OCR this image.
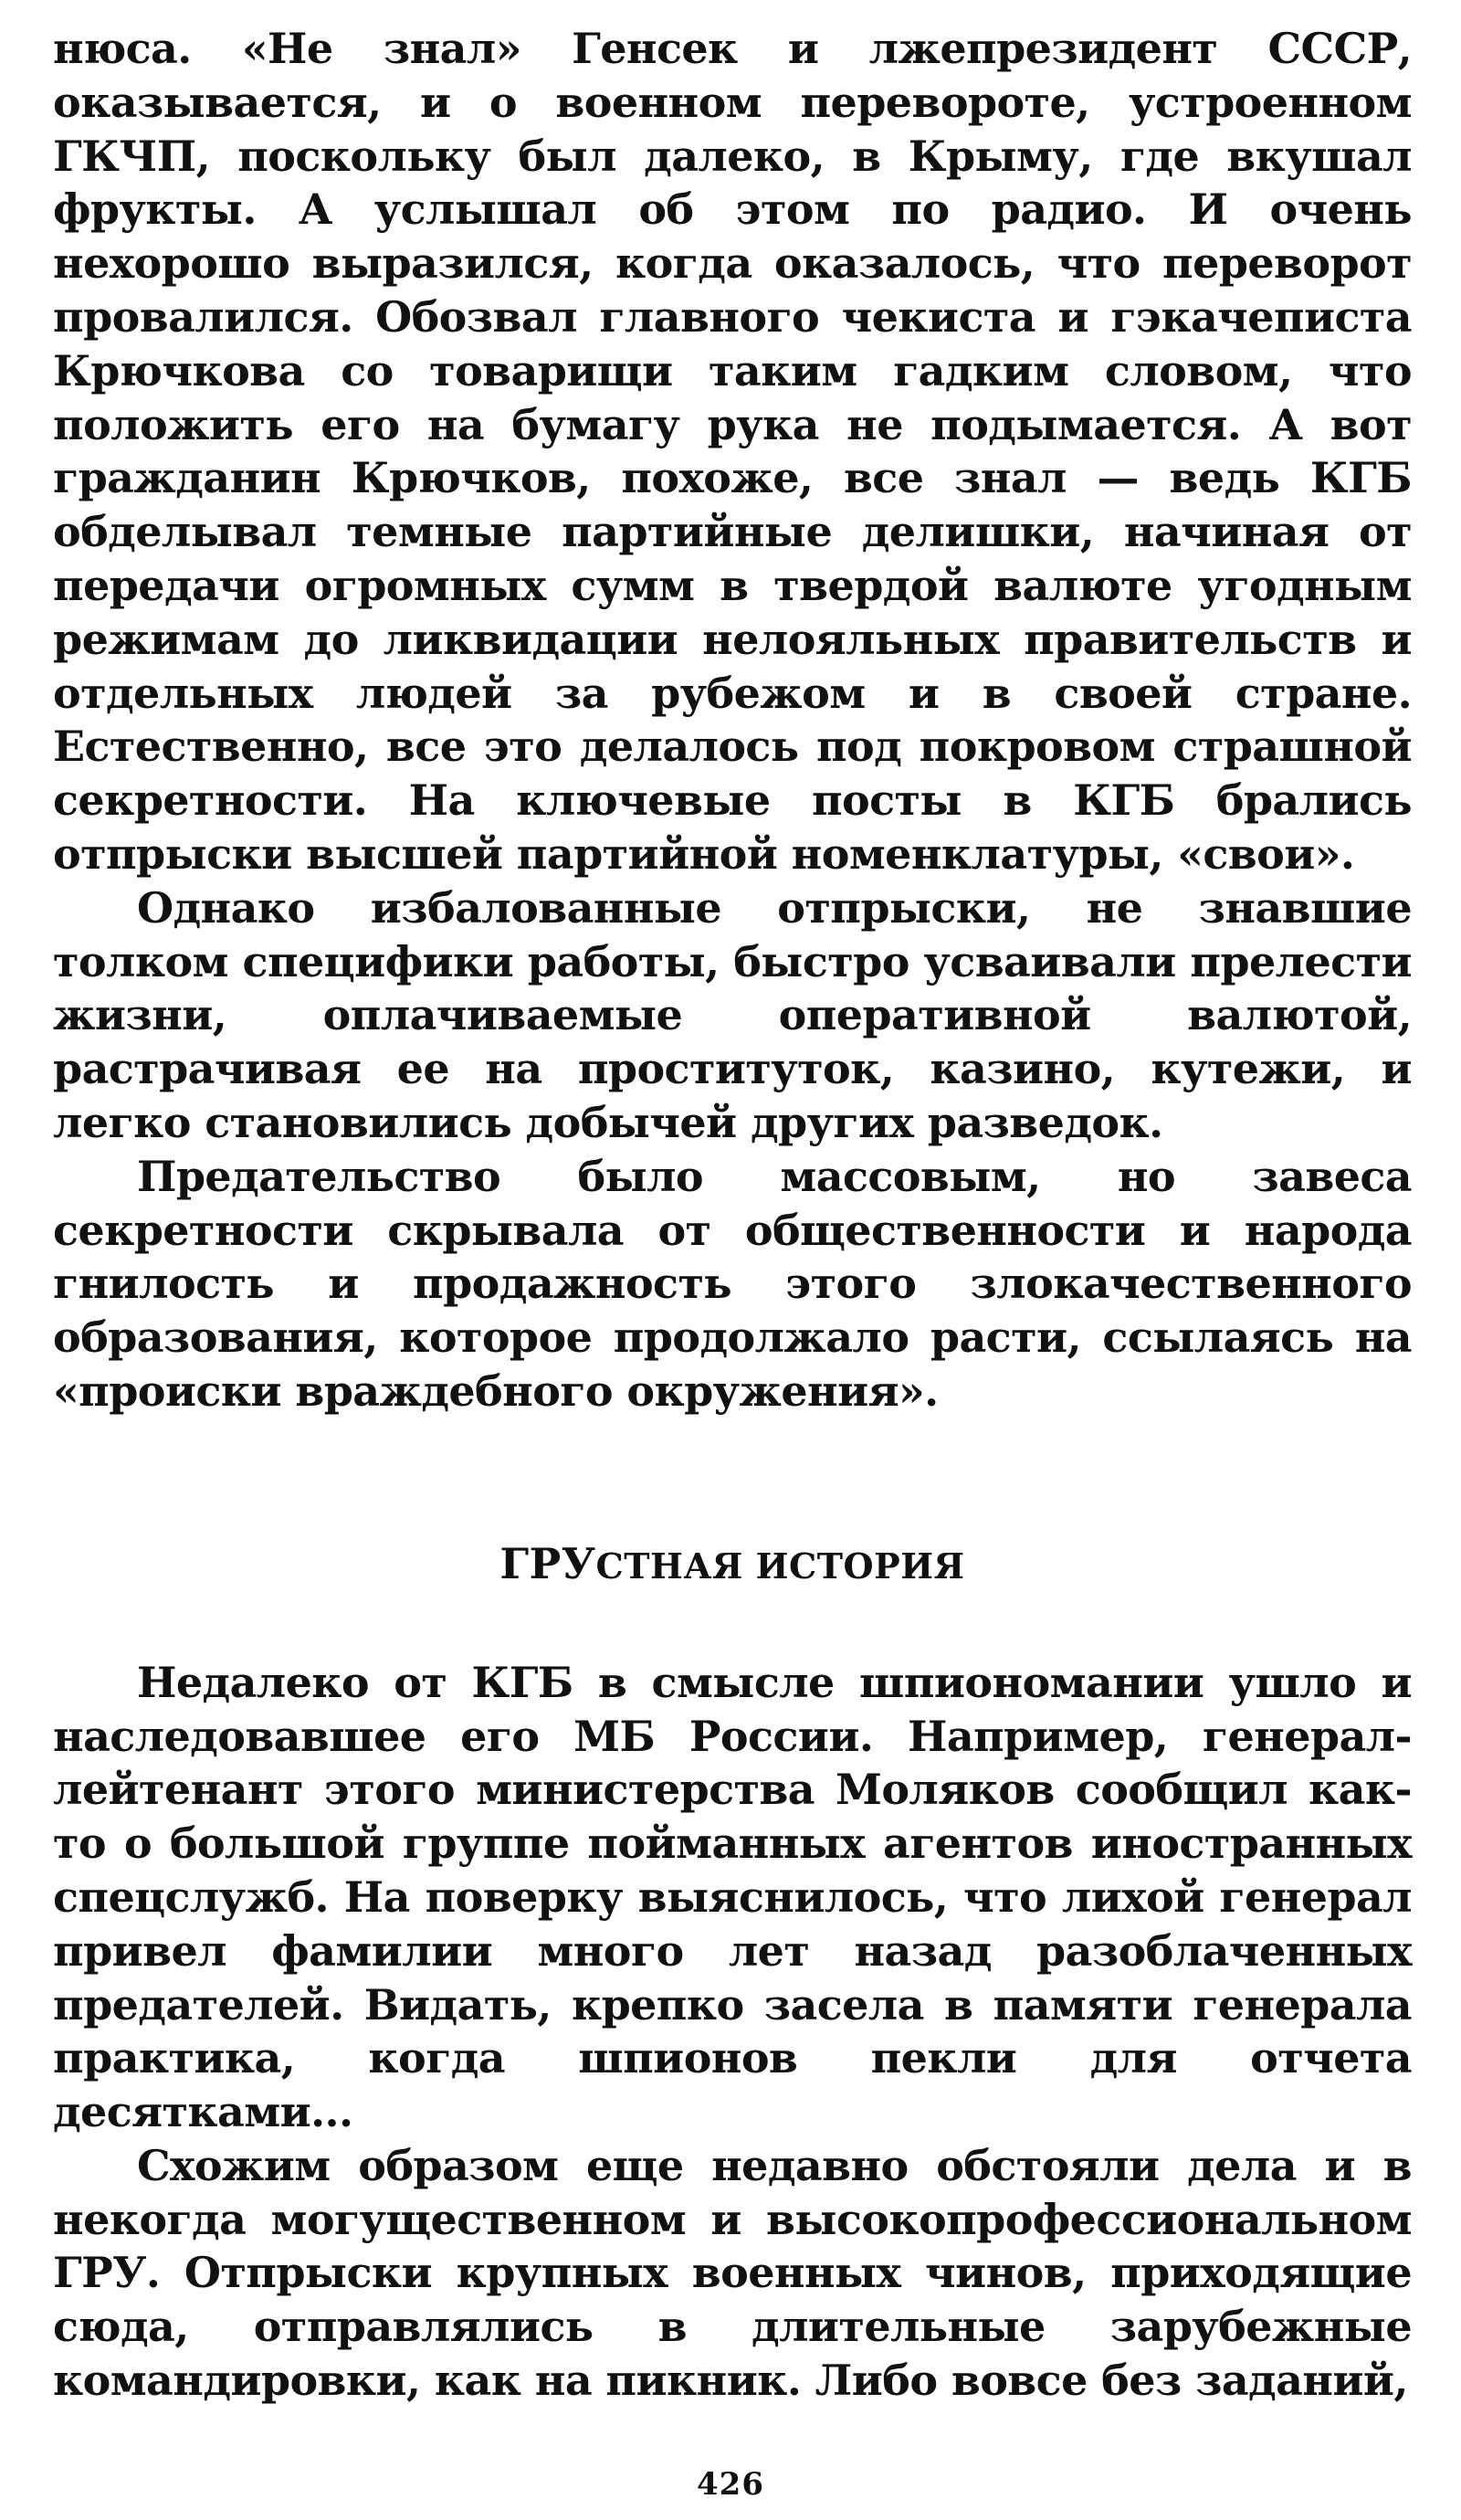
нюса. «Не знал» Генсек и лжепрезидент СССР, оказывается, и о военном перевороте, устроенном ГКЧП, поскольку был далеко, в Крыму, где вкушал фрукты. А услышал об этом по радио. И очень нехорошо выразился, когда оказалось, что переворот провалился. Обозвал главного чекиста и гэкачеписта Крючкова со товарищи таким гадким словом, что положить его на бумагу рука не подымается. А вот гражданин Крючков, похоже, все знал — ведь КГБ обделывал темные партийные делишки, начиная от передачи огромных сумм в твердой валюте угодным режимам до ликвидации нелояльных правительств и отдельных людей за рубежом и в своей стране. Естественно, все это делалось под покровом страшной секретности. На ключевые посты в КГБ брались отпрыски высшей партийной номенклатуры, «свои».

Однако избалованные отпрыски, не знавшие толком специфики работы, быстро усваивали прелести жизни, оплачиваемые оперативной валютой, растрачивая ее на проституток, казино, кутежи, и легко становились добычей других разведок.

Предательство было массовым, но завеса секретности скрывала от общественности и народа гнилость и продажность этого злокачественного образования, которое продолжало расти, ссылаясь на «происки враждебного окружения».

ГРУСТНАЯ ИСТОРИЯ

Недалеко от КГБ в смысле шпиономании ушло и наследовавшее его МБ России. Например, генерал-лейтенант этого министерства Моляков сообщил как-то о большой группе пойманных агентов иностранных спецслужб. На поверку выяснилось, что лихой генерал привел фамилии много лет назад разоблаченных предателей. Видать, крепко засела в памяти генерала практика, когда шпионов пекли для отчета десятками...

Схожим образом еще недавно обстояли дела и в некогда могущественном и высокопрофессиональном ГРУ. Отпрыски крупных военных чинов, приходящие сюда, отправлялись в длительные зарубежные командировки, как на пикник. Либо вовсе без заданий,

426
